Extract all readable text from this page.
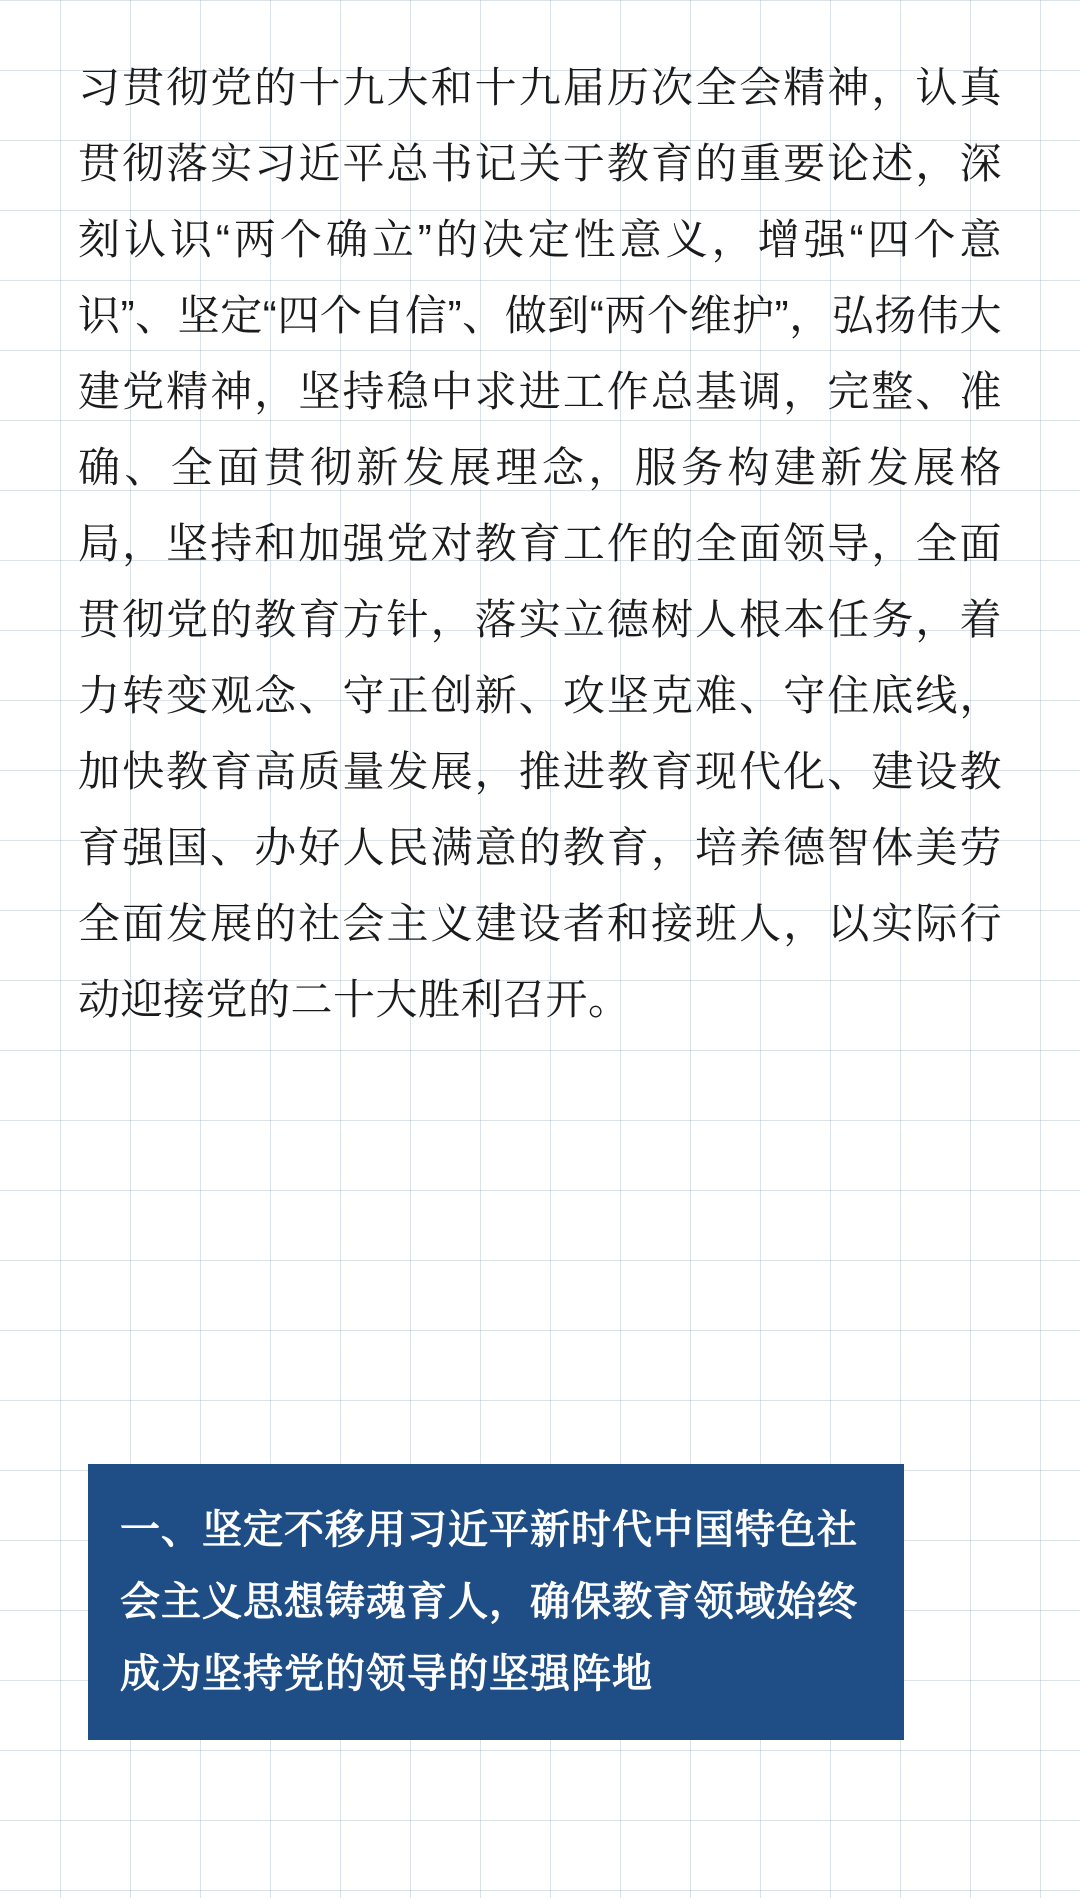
习贯彻党的十九大和十九届历次全会精神，认真贯彻落实习近平总书记关于教育的重要论述，深刻认识“两个确立”的决定性意义，增强“四个意识”、坚定“四个自信”、做到“两个维护”，弘扬伟大建党精神，坚持稳中求进工作总基调，完整、准确、全面贯彻新发展理念，服务构建新发展格局，坚持和加强党对教育工作的全面领导，全面贯彻党的教育方针，落实立德树人根本任务，着力转变观念、守正创新、攻坚克难、守住底线，加快教育高质量发展，推进教育现代化、建设教育强国、办好人民满意的教育，培养德智体美劳全面发展的社会主义建设者和接班人，以实际行动迎接党的二十大胜利召开。

一、坚定不移用习近平新时代中国特色社会主义思想铸魂育人，确保教育领域始终成为坚持党的领导的坚强阵地
